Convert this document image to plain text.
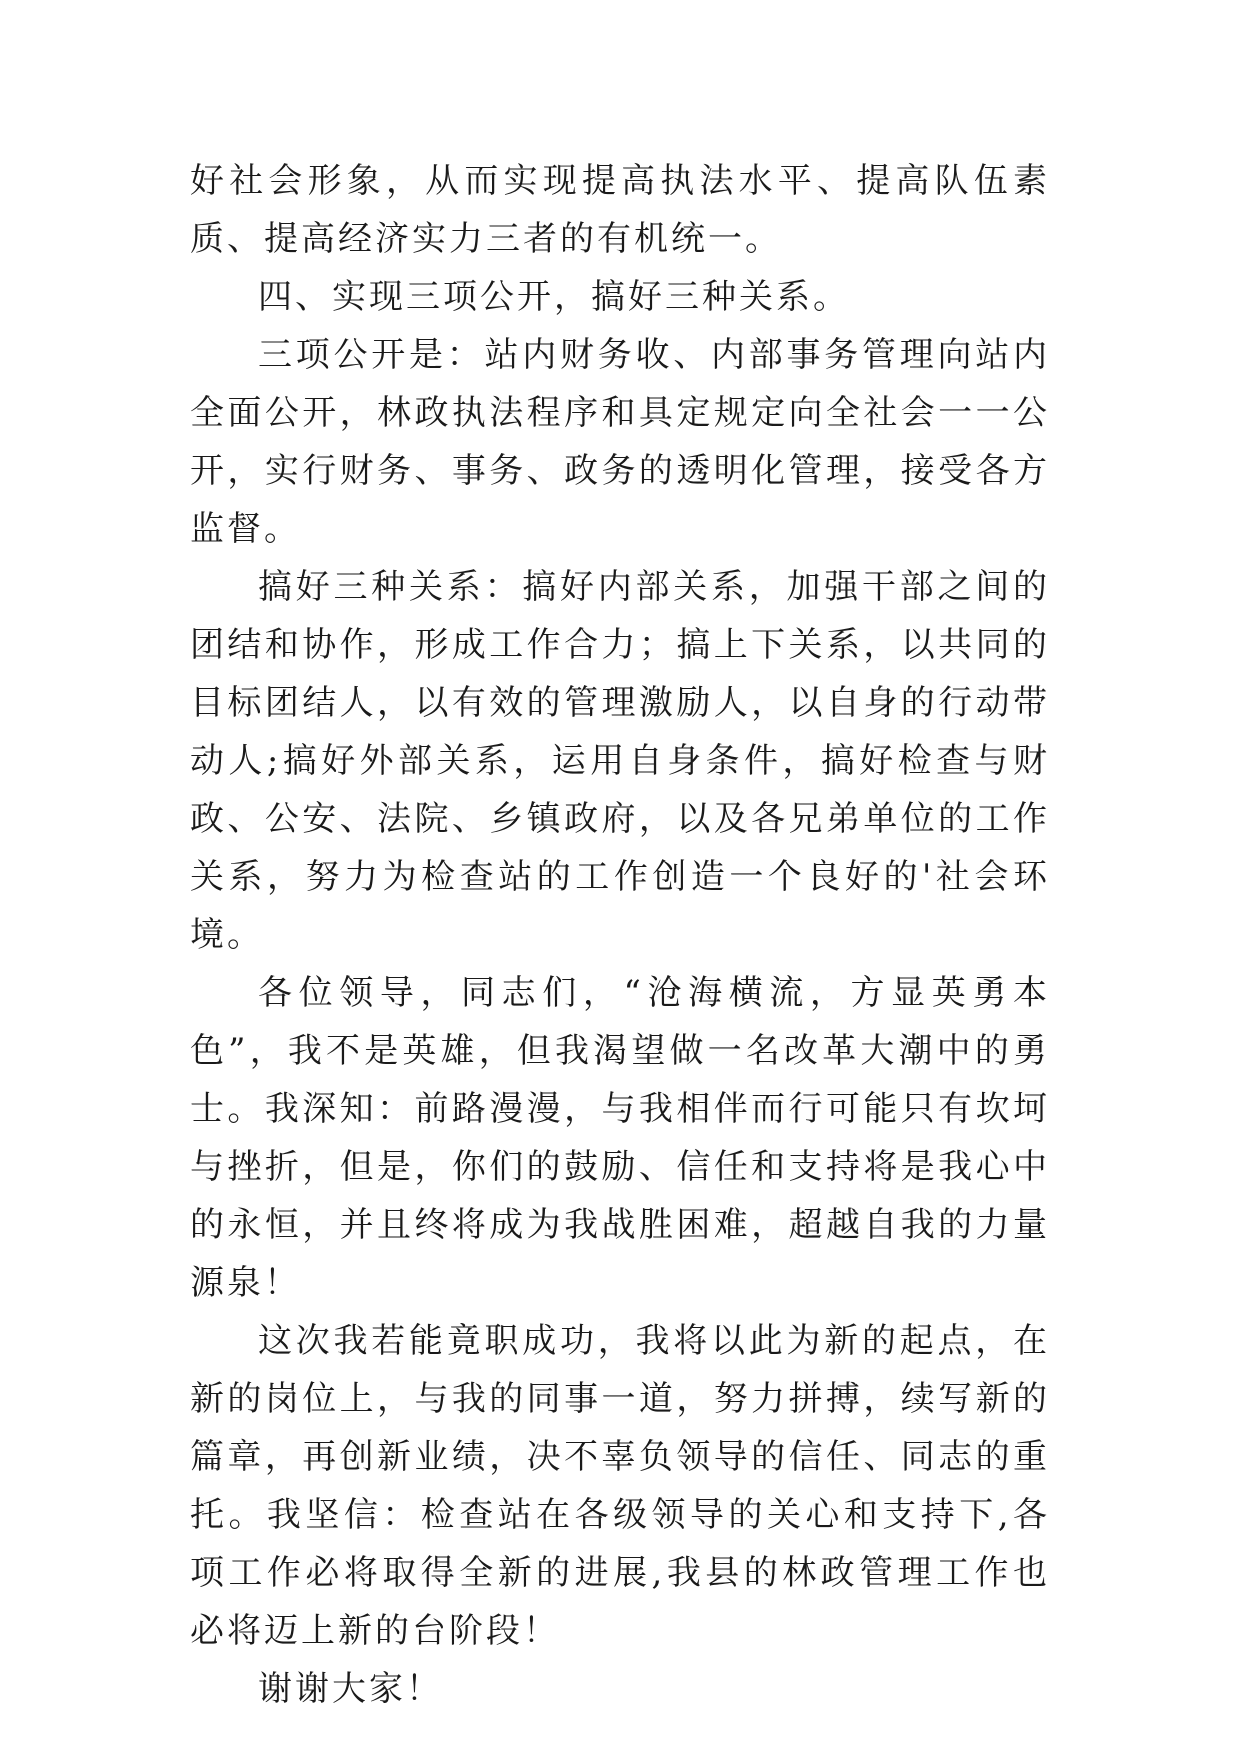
好社会形象，从而实现提高执法水平、提高队伍素质、提高经济实力三者的有机统一。

四、实现三项公开，搞好三种关系。

三项公开是：站内财务收、内部事务管理向站内全面公开，林政执法程序和具定规定向全社会一一公开，实行财务、事务、政务的透明化管理，接受各方监督。

搞好三种关系：搞好内部关系，加强干部之间的团结和协作，形成工作合力；搞上下关系，以共同的目标团结人，以有效的管理激励人，以自身的行动带动人;搞好外部关系，运用自身条件，搞好检查与财政、公安、法院、乡镇政府，以及各兄弟单位的工作关系，努力为检查站的工作创造一个良好的'社会环境。

各位领导，同志们，“沧海横流，方显英勇本色”，我不是英雄，但我渴望做一名改革大潮中的勇士。我深知：前路漫漫，与我相伴而行可能只有坎坷与挫折，但是，你们的鼓励、信任和支持将是我心中的永恒，并且终将成为我战胜困难，超越自我的力量源泉！

这次我若能竟职成功，我将以此为新的起点，在新的岗位上，与我的同事一道，努力拼搏，续写新的篇章，再创新业绩，决不辜负领导的信任、同志的重托。我坚信：检查站在各级领导的关心和支持下,各项工作必将取得全新的进展,我县的林政管理工作也必将迈上新的台阶段！

谢谢大家！
